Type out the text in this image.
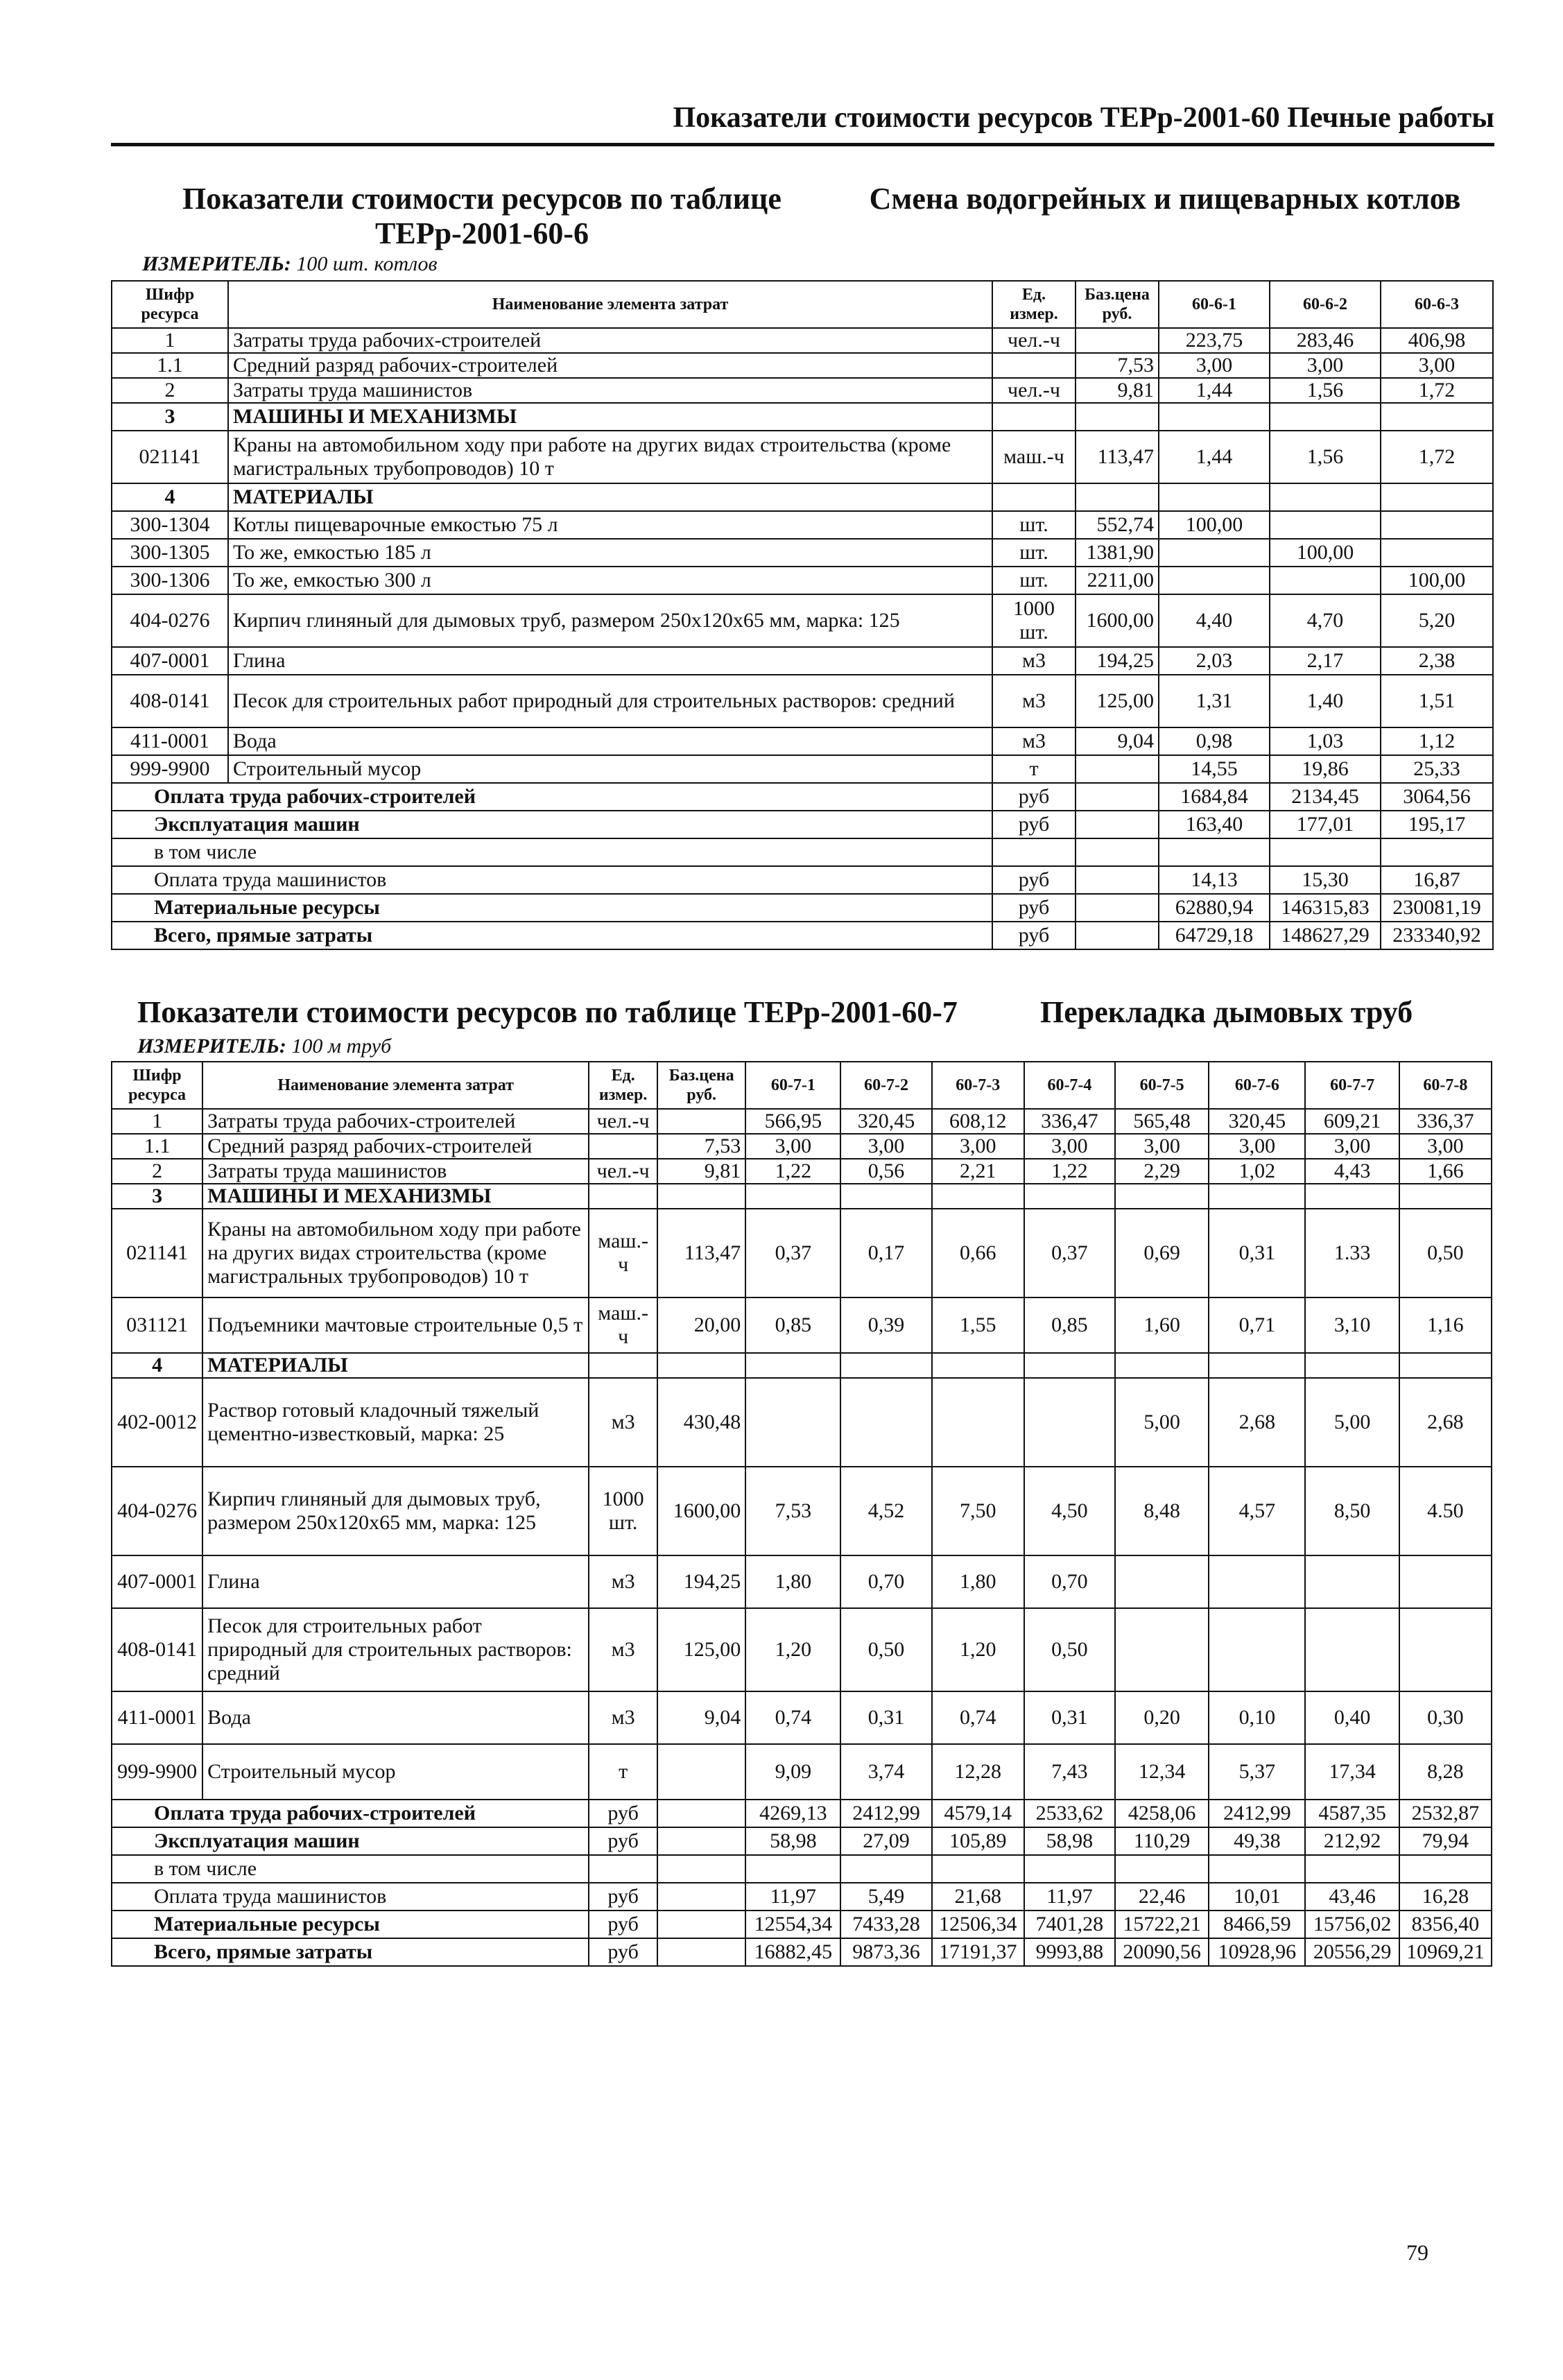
Показатели стоимости ресурсов ТЕРр-2001-60 Печные работы
Показатели стоимости ресурсов по таблице
ТЕРр-2001-60-6
Смена водогрейных и пищеварных котлов
ИЗМЕРИТЕЛЬ: 100 шт. котлов
Шифр ресурса	Наименование элемента затрат	Ед. измер.	Баз.цена руб.	60-6-1	60-6-2	60-6-3
1	Затраты труда рабочих-строителей	чел.-ч		223,75	283,46	406,98
1.1	Средний разряд рабочих-строителей		7,53	3,00	3,00	3,00
2	Затраты труда машинистов	чел.-ч	9,81	1,44	1,56	1,72
3	МАШИНЫ И МЕХАНИЗМЫ					
021141	Краны на автомобильном ходу при работе на других видах строительства (кроме магистральных трубопроводов) 10 т	маш.-ч	113,47	1,44	1,56	1,72
4	МАТЕРИАЛЫ					
300-1304	Котлы пищеварочные емкостью 75 л	шт.	552,74	100,00		
300-1305	То же, емкостью 185 л	шт.	1381,90		100,00	
300-1306	То же, емкостью 300 л	шт.	2211,00			100,00
404-0276	Кирпич глиняный для дымовых труб, размером 250х120х65 мм, марка: 125	1000 шт.	1600,00	4,40	4,70	5,20
407-0001	Глина	м3	194,25	2,03	2,17	2,38
408-0141	Песок для строительных работ природный для строительных растворов: средний	м3	125,00	1,31	1,40	1,51
411-0001	Вода	м3	9,04	0,98	1,03	1,12
999-9900	Строительный мусор	т		14,55	19,86	25,33
Оплата труда рабочих-строителей		руб		1684,84	2134,45	3064,56
Эксплуатация машин		руб		163,40	177,01	195,17
в том числе						
Оплата труда машинистов		руб		14,13	15,30	16,87
Материальные ресурсы		руб		62880,94	146315,83	230081,19
Всего, прямые затраты		руб		64729,18	148627,29	233340,92
Показатели стоимости ресурсов по таблице ТЕРр-2001-60-7	Перекладка дымовых труб
ИЗМЕРИТЕЛЬ: 100 м труб
Шифр ресурса	Наименование элемента затрат	Ед. измер.	Баз.цена руб.	60-7-1	60-7-2	60-7-3	60-7-4	60-7-5	60-7-6	60-7-7	60-7-8
1	Затраты труда рабочих-строителей	чел.-ч		566,95	320,45	608,12	336,47	565,48	320,45	609,21	336,37
1.1	Средний разряд рабочих-строителей		7,53	3,00	3,00	3,00	3,00	3,00	3,00	3,00	3,00
2	Затраты труда машинистов	чел.-ч	9,81	1,22	0,56	2,21	1,22	2,29	1,02	4,43	1,66
3	МАШИНЫ И МЕХАНИЗМЫ										
021141	Краны на автомобильном ходу при работе на других видах строительства (кроме магистральных трубопроводов) 10 т	маш.-ч	113,47	0,37	0,17	0,66	0,37	0,69	0,31	1.33	0,50
031121	Подъемники мачтовые строительные 0,5 т	маш.-ч	20,00	0,85	0,39	1,55	0,85	1,60	0,71	3,10	1,16
4	МАТЕРИАЛЫ										
402-0012	Раствор готовый кладочный тяжелый цементно-известковый, марка: 25	м3	430,48					5,00	2,68	5,00	2,68
404-0276	Кирпич глиняный для дымовых труб, размером 250х120х65 мм, марка: 125	1000 шт.	1600,00	7,53	4,52	7,50	4,50	8,48	4,57	8,50	4.50
407-0001	Глина	м3	194,25	1,80	0,70	1,80	0,70				
408-0141	Песок для строительных работ природный для строительных растворов: средний	м3	125,00	1,20	0,50	1,20	0,50				
411-0001	Вода	м3	9,04	0,74	0,31	0,74	0,31	0,20	0,10	0,40	0,30
999-9900	Строительный мусор	т		9,09	3,74	12,28	7,43	12,34	5,37	17,34	8,28
Оплата труда рабочих-строителей		руб		4269,13	2412,99	4579,14	2533,62	4258,06	2412,99	4587,35	2532,87
Эксплуатация машин		руб		58,98	27,09	105,89	58,98	110,29	49,38	212,92	79,94
в том числе											
Оплата труда машинистов		руб		11,97	5,49	21,68	11,97	22,46	10,01	43,46	16,28
Материальные ресурсы		руб		12554,34	7433,28	12506,34	7401,28	15722,21	8466,59	15756,02	8356,40
Всего, прямые затраты		руб		16882,45	9873,36	17191,37	9993,88	20090,56	10928,96	20556,29	10969,21
79
